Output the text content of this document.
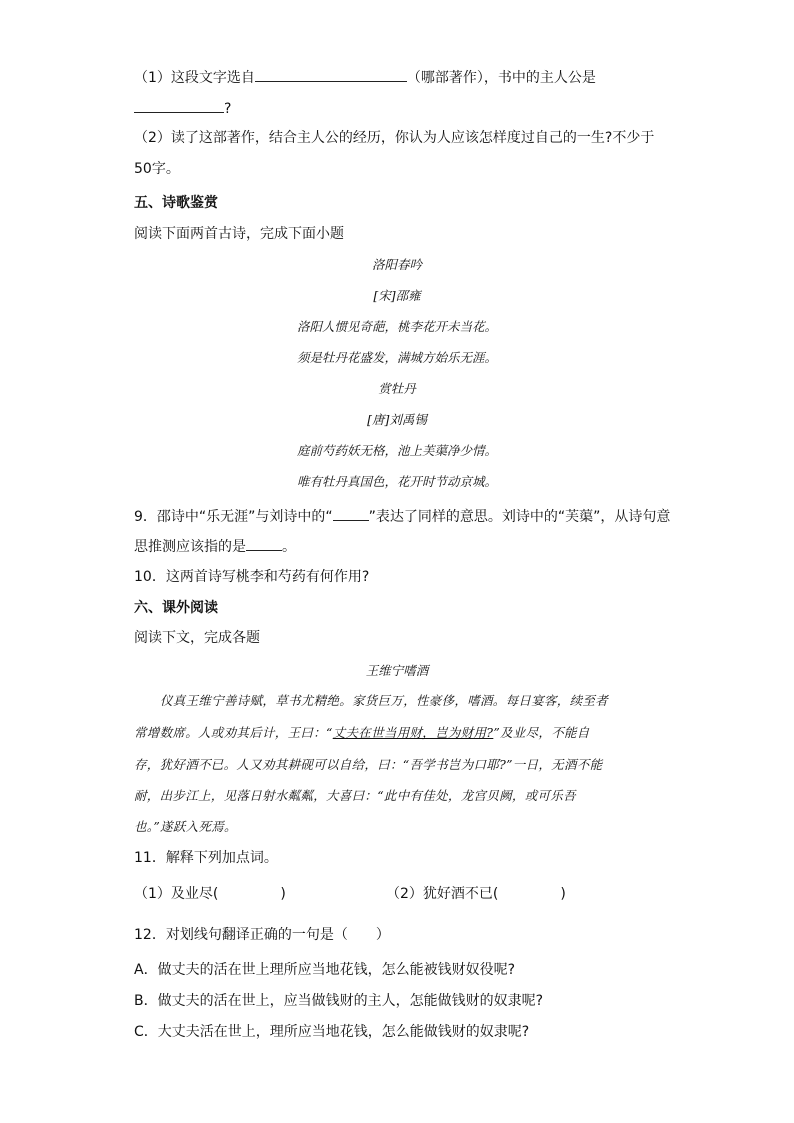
（1）这段文字选自	（哪部著作），书中的主人公是
?
（2）读了这部著作，结合主人公的经历，你认为人应该怎样度过自己的一生?不少于
50字。
五、诗歌鉴赏
阅读下面两首古诗，完成下面小题
洛阳春吟
[宋]邵雍
洛阳人惯见奇葩，桃李花开未当花。
须是牡丹花盛发，满城方始乐无涯。
赏牡丹
[唐]刘禹锡
庭前芍药妖无格，池上芙蕖净少情。
唯有牡丹真国色，花开时节动京城。
9．邵诗中“乐无涯”与刘诗中的“	”表达了同样的意思。刘诗中的“芙蕖”，从诗句意
思推测应该指的是	。
10．这两首诗写桃李和芍药有何作用?
六、课外阅读
阅读下文，完成各题
王维宁嗜酒
仪真王维宁善诗赋，草书尤精绝。家货巨万，性豪侈，嗜酒。每日宴客，续至者
常增数席。人或劝其后计，王曰：“丈夫在世当用财，岂为财用?”及业尽，不能自
存，犹好酒不已。人又劝其耕砚可以自给，曰：“吾学书岂为口耶?”一日，无酒不能
耐，出步江上，见落日射水粼粼，大喜曰：“此中有佳处，龙宫贝阙，或可乐吾
也。”遂跃入死焉。
11．解释下列加点词。
（1）及业尽(	)	（2）犹好酒不已(	)
12．对划线句翻译正确的一句是（　　）
A．做丈夫的活在世上理所应当地花钱，怎么能被钱财奴役呢?
B．做丈夫的活在世上，应当做钱财的主人，怎能做钱财的奴隶呢?
C．大丈夫活在世上，理所应当地花钱，怎么能做钱财的奴隶呢?
